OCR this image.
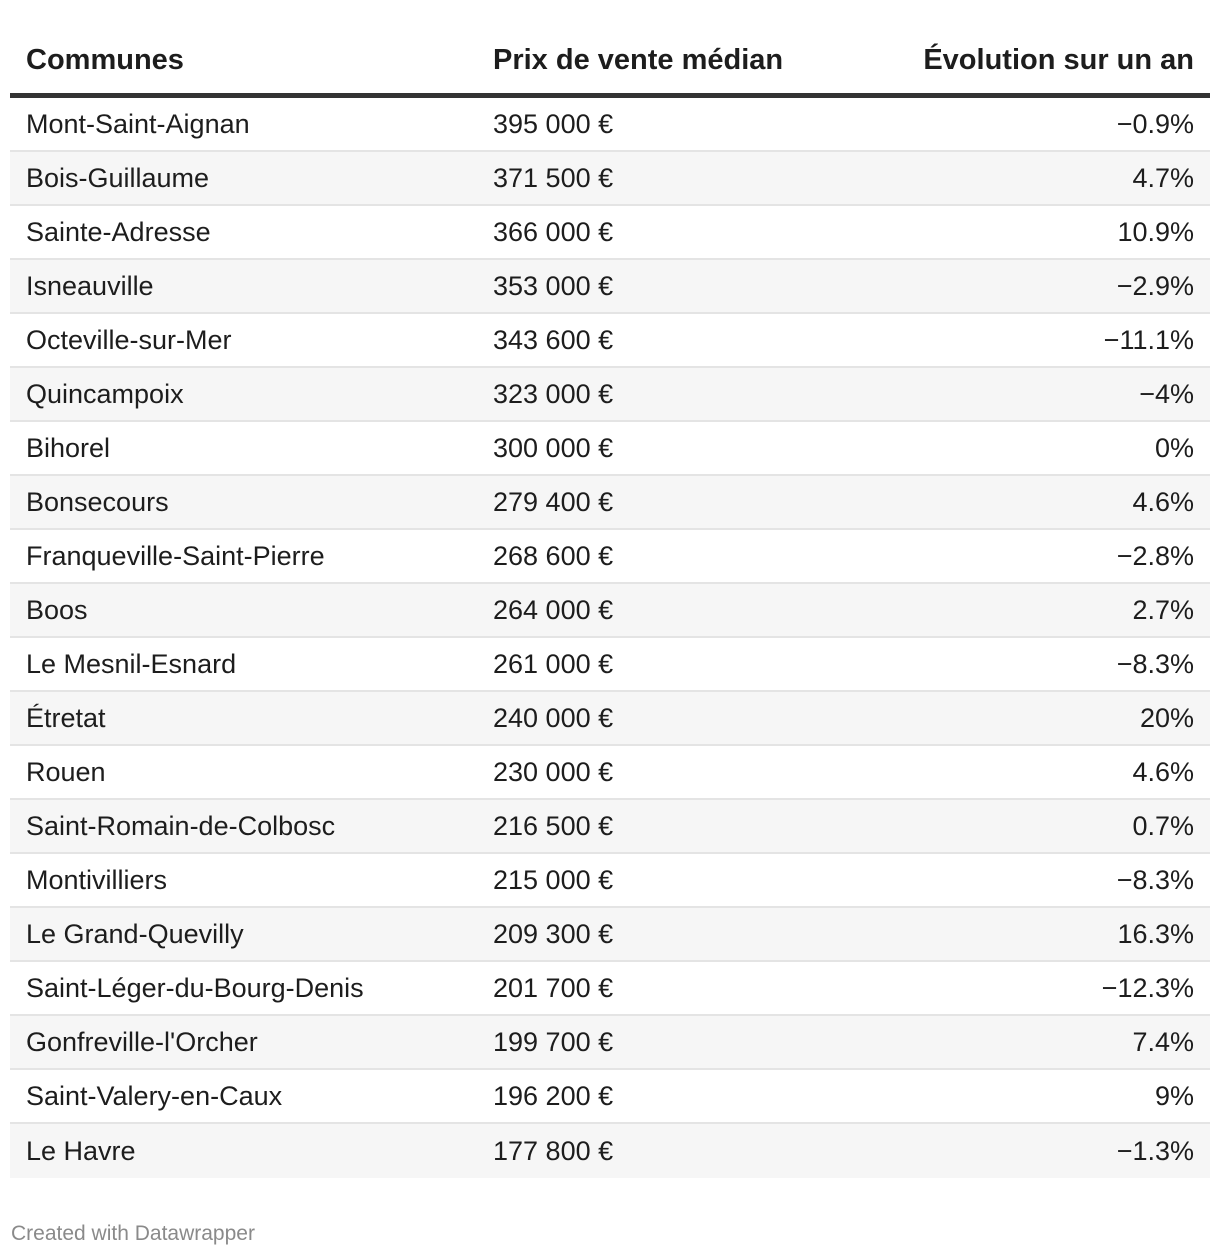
Communes	Prix de vente médian	Évolution sur un an
Mont-Saint-Aignan	395 000 €	−0.9%
Bois-Guillaume	371 500 €	4.7%
Sainte-Adresse	366 000 €	10.9%
Isneauville	353 000 €	−2.9%
Octeville-sur-Mer	343 600 €	−11.1%
Quincampoix	323 000 €	−4%
Bihorel	300 000 €	0%
Bonsecours	279 400 €	4.6%
Franqueville-Saint-Pierre	268 600 €	−2.8%
Boos	264 000 €	2.7%
Le Mesnil-Esnard	261 000 €	−8.3%
Étretat	240 000 €	20%
Rouen	230 000 €	4.6%
Saint-Romain-de-Colbosc	216 500 €	0.7%
Montivilliers	215 000 €	−8.3%
Le Grand-Quevilly	209 300 €	16.3%
Saint-Léger-du-Bourg-Denis	201 700 €	−12.3%
Gonfreville-l'Orcher	199 700 €	7.4%
Saint-Valery-en-Caux	196 200 €	9%
Le Havre	177 800 €	−1.3%
Created with Datawrapper
